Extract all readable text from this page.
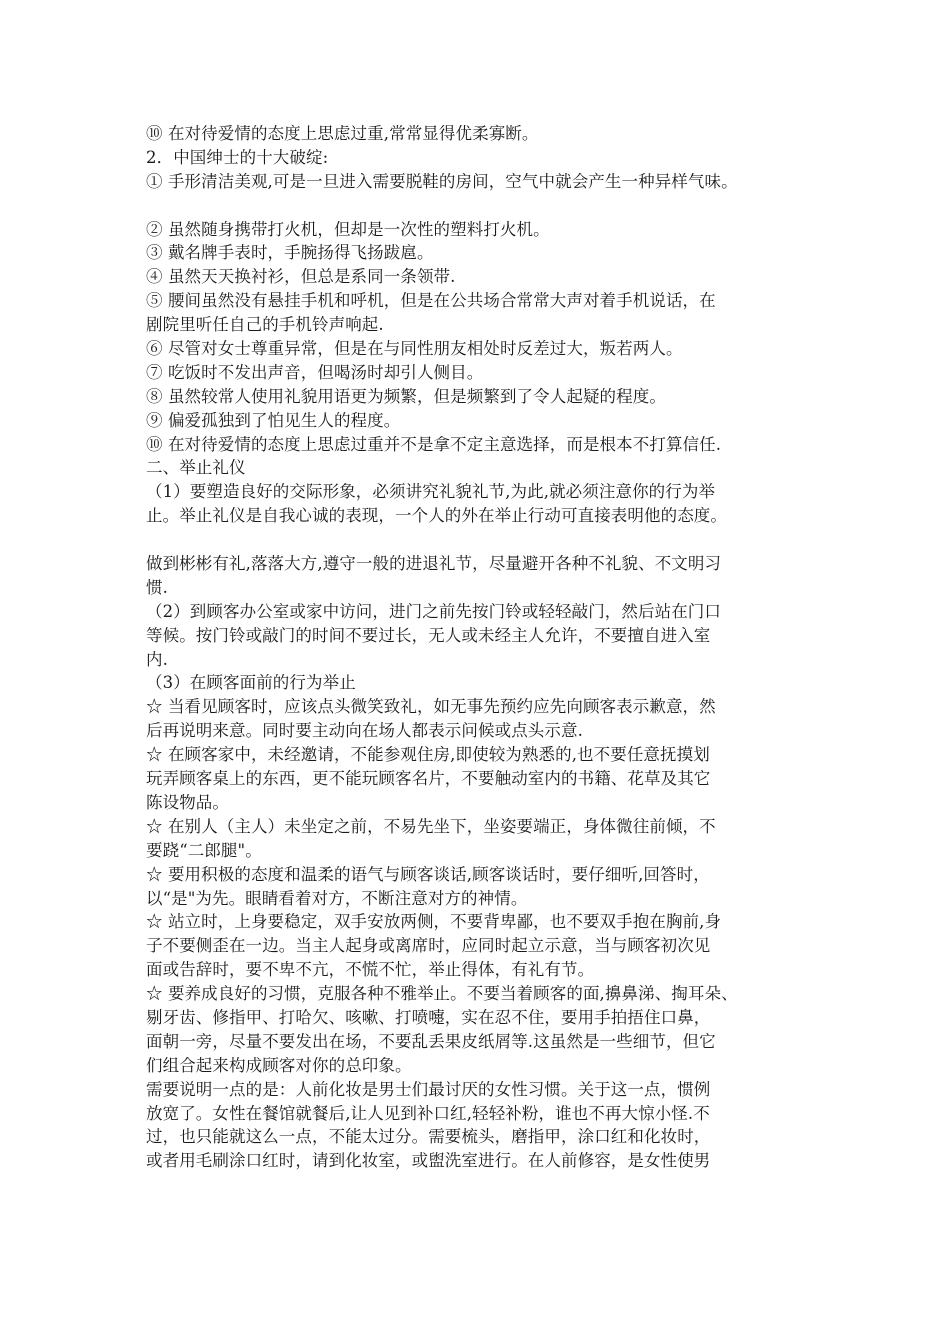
⑩ 在对待爱情的态度上思虑过重,常常显得优柔寡断。
2．中国绅士的十大破绽:
① 手形清洁美观,可是一旦进入需要脱鞋的房间，空气中就会产生一种异样气味。
② 虽然随身携带打火机，但却是一次性的塑料打火机。
③ 戴名牌手表时，手腕扬得飞扬跋扈。
④ 虽然天天换衬衫，但总是系同一条领带.
⑤ 腰间虽然没有悬挂手机和呼机，但是在公共场合常常大声对着手机说话，在
剧院里听任自己的手机铃声响起.
⑥ 尽管对女士尊重异常，但是在与同性朋友相处时反差过大，叛若两人。
⑦ 吃饭时不发出声音，但喝汤时却引人侧目。
⑧ 虽然较常人使用礼貌用语更为频繁，但是频繁到了令人起疑的程度。
⑨ 偏爱孤独到了怕见生人的程度。
⑩ 在对待爱情的态度上思虑过重并不是拿不定主意选择，而是根本不打算信任.
二、举止礼仪
（1）要塑造良好的交际形象，必须讲究礼貌礼节,为此,就必须注意你的行为举
止。举止礼仪是自我心诚的表现，一个人的外在举止行动可直接表明他的态度。
做到彬彬有礼,落落大方,遵守一般的进退礼节，尽量避开各种不礼貌、不文明习
惯.
（2）到顾客办公室或家中访问，进门之前先按门铃或轻轻敲门，然后站在门口
等候。按门铃或敲门的时间不要过长，无人或未经主人允许，不要擅自进入室
内.
（3）在顾客面前的行为举止
☆ 当看见顾客时，应该点头微笑致礼，如无事先预约应先向顾客表示歉意，然
后再说明来意。同时要主动向在场人都表示问候或点头示意.
☆ 在顾客家中，未经邀请，不能参观住房,即使较为熟悉的,也不要任意抚摸划
玩弄顾客桌上的东西，更不能玩顾客名片，不要触动室内的书籍、花草及其它
陈设物品。
☆ 在别人（主人）未坐定之前，不易先坐下，坐姿要端正，身体微往前倾，不
要跷“二郎腿"。
☆ 要用积极的态度和温柔的语气与顾客谈话,顾客谈话时，要仔细听,回答时，
以“是"为先。眼睛看着对方，不断注意对方的神情。
☆ 站立时，上身要稳定，双手安放两侧，不要背卑鄙，也不要双手抱在胸前,身
子不要侧歪在一边。当主人起身或离席时，应同时起立示意，当与顾客初次见
面或告辞时，要不卑不亢，不慌不忙，举止得体，有礼有节。
☆ 要养成良好的习惯，克服各种不雅举止。不要当着顾客的面,擤鼻涕、掏耳朵、
剔牙齿、修指甲、打哈欠、咳嗽、打喷嚏，实在忍不住，要用手拍捂住口鼻，
面朝一旁，尽量不要发出在场，不要乱丢果皮纸屑等.这虽然是一些细节，但它
们组合起来构成顾客对你的总印象。
需要说明一点的是：人前化妆是男士们最讨厌的女性习惯。关于这一点，惯例
放宽了。女性在餐馆就餐后,让人见到补口红,轻轻补粉，谁也不再大惊小怪.不
过，也只能就这么一点，不能太过分。需要梳头，磨指甲，涂口红和化妆时，
或者用毛刷涂口红时，请到化妆室，或盥洗室进行。在人前修容，是女性使男
